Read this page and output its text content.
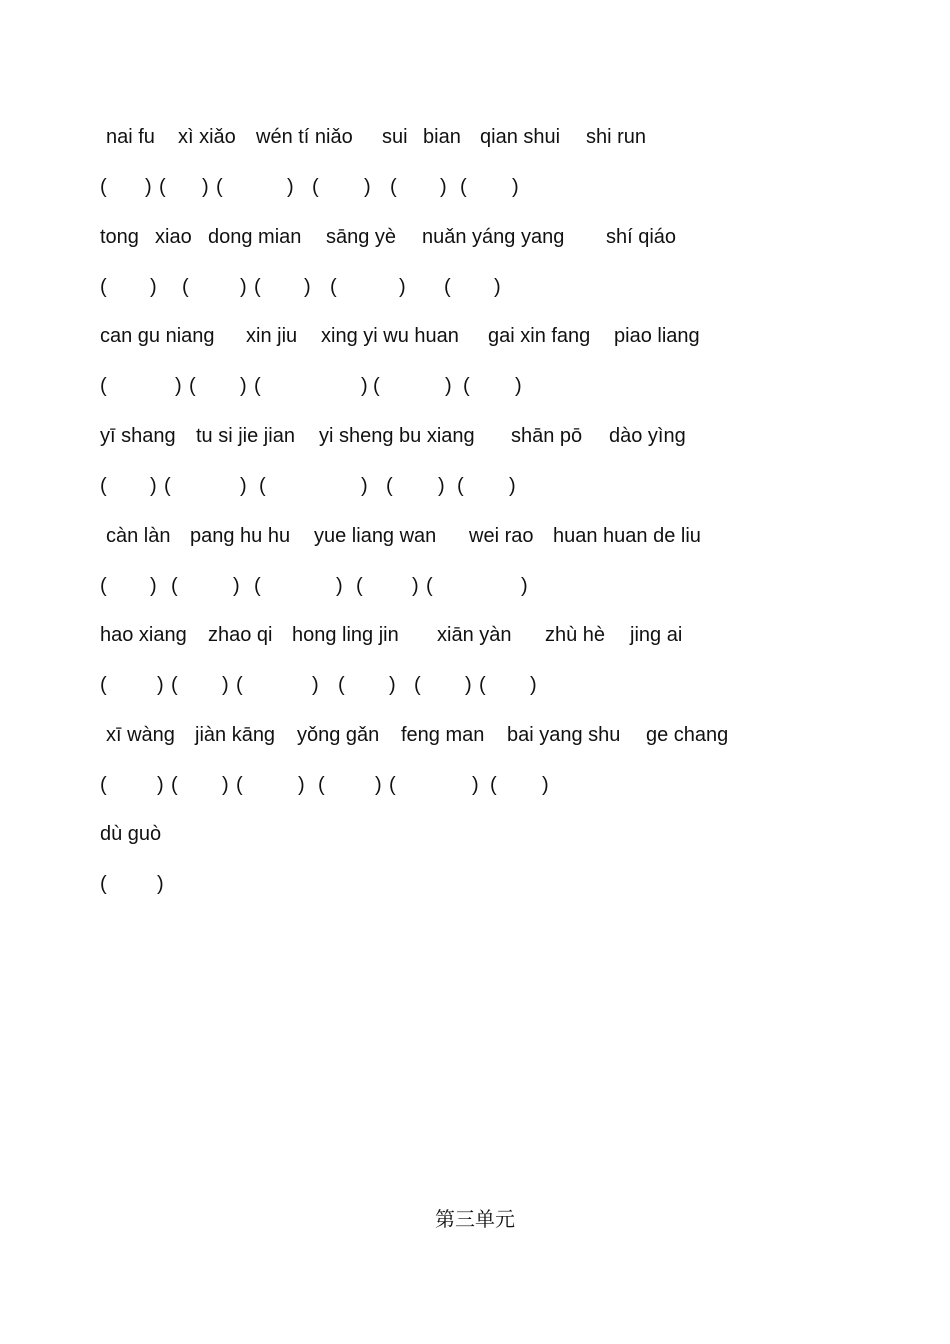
nai fu xì xiǎo wén tí niǎo sui bian qian shui shi run
( ) ( ) (	) ( ) ( ) ( )
tong xiao dong mian sāng yè nuǎn yáng yang shí qiáo
( ) (	) ( ) (	) ( )
can gu niang xin jiu xing yi wu huan gai xin fang piao liang
(	) ( ) (	) (	) ( )
yī shang tu si jie jian yi sheng bu xiang shān pō dào yìng
( ) (	) (	) ( ) ( )
càn làn pang hu hu yue liang wan wei rao huan huan de liu
( ) (	) (	) ( ) (	)
hao xiang zhao qi hong ling jin xiān yàn zhù hè jing ai
(	) ( ) (	) ( ) ( ) ( )
xī wàng jiàn kāng yǒng gǎn feng man bai yang shu ge chang
(	) ( ) (	) (	) (	) ( )
dù guò
(	)
第三单元
